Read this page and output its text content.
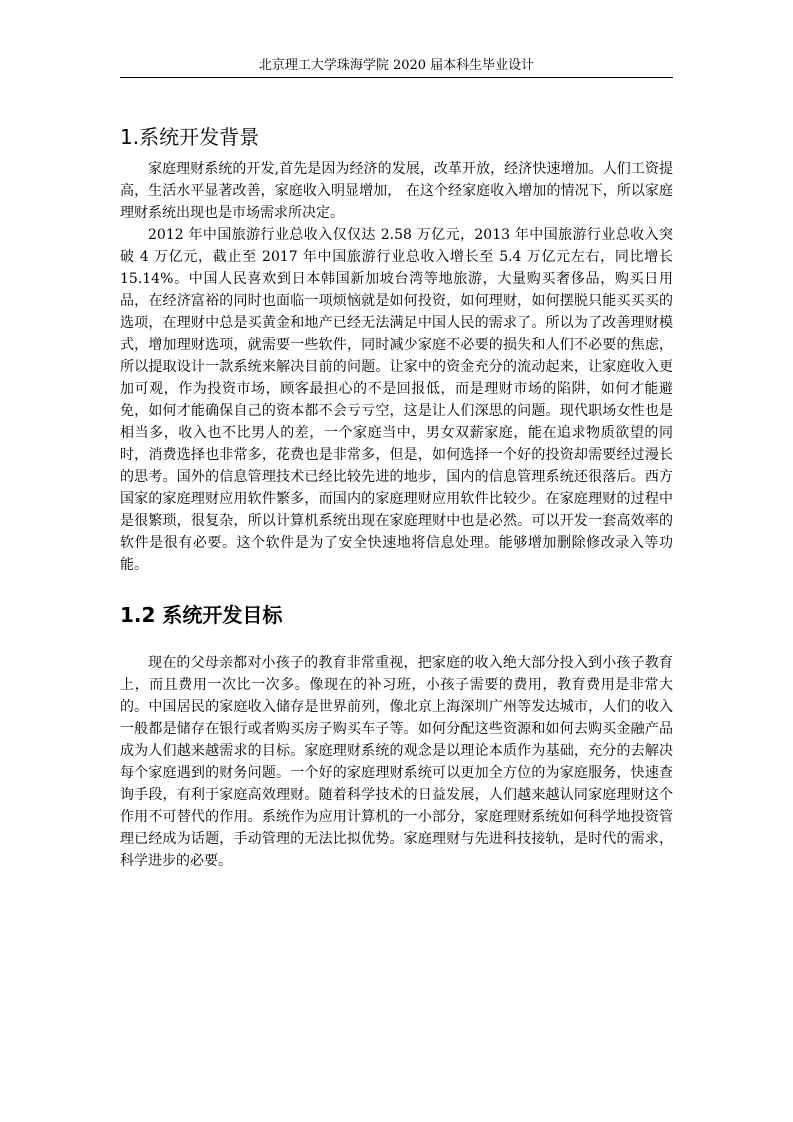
北京理工大学珠海学院 2020 届本科生毕业设计
1.系统开发背景

家庭理财系统的开发,首先是因为经济的发展，改革开放，经济快速增加。人们工资提高，生活水平显著改善，家庭收入明显增加， 在这个经家庭收入增加的情况下，所以家庭理财系统出现也是市场需求所决定。

2012 年中国旅游行业总收入仅仅达 2.58 万亿元，2013 年中国旅游行业总收入突破 4 万亿元，截止至 2017 年中国旅游行业总收入增长至 5.4 万亿元左右，同比增长 15.14%。中国人民喜欢到日本韩国新加坡台湾等地旅游，大量购买奢侈品，购买日用品，在经济富裕的同时也面临一项烦恼就是如何投资，如何理财，如何摆脱只能买买买的选项，在理财中总是买黄金和地产已经无法满足中国人民的需求了。所以为了改善理财模式，增加理财选项，就需要一些软件，同时减少家庭不必要的损失和人们不必要的焦虑，所以提取设计一款系统来解决目前的问题。让家中的资金充分的流动起来，让家庭收入更加可观，作为投资市场，顾客最担心的不是回报低，而是理财市场的陷阱，如何才能避免，如何才能确保自己的资本都不会亏亏空，这是让人们深思的问题。现代职场女性也是相当多，收入也不比男人的差，一个家庭当中，男女双薪家庭，能在追求物质欲望的同时，消费选择也非常多，花费也是非常多，但是，如何选择一个好的投资却需要经过漫长的思考。国外的信息管理技术已经比较先进的地步，国内的信息管理系统还很落后。西方国家的家庭理财应用软件繁多，而国内的家庭理财应用软件比较少。在家庭理财的过程中是很繁琐，很复杂，所以计算机系统出现在家庭理财中也是必然。可以开发一套高效率的软件是很有必要。这个软件是为了安全快速地将信息处理。能够增加删除修改录入等功能。

1.2 系统开发目标

现在的父母亲都对小孩子的教育非常重视，把家庭的收入绝大部分投入到小孩子教育上，而且费用一次比一次多。像现在的补习班，小孩子需要的费用，教育费用是非常大的。中国居民的家庭收入储存是世界前列，像北京上海深圳广州等发达城市，人们的收入一般都是储存在银行或者购买房子购买车子等。如何分配这些资源和如何去购买金融产品成为人们越来越需求的目标。家庭理财系统的观念是以理论本质作为基础，充分的去解决每个家庭遇到的财务问题。一个好的家庭理财系统可以更加全方位的为家庭服务，快速查询手段，有利于家庭高效理财。随着科学技术的日益发展，人们越来越认同家庭理财这个作用不可替代的作用。系统作为应用计算机的一小部分，家庭理财系统如何科学地投资管理已经成为话题，手动管理的无法比拟优势。家庭理财与先进科技接轨，是时代的需求，科学进步的必要。
